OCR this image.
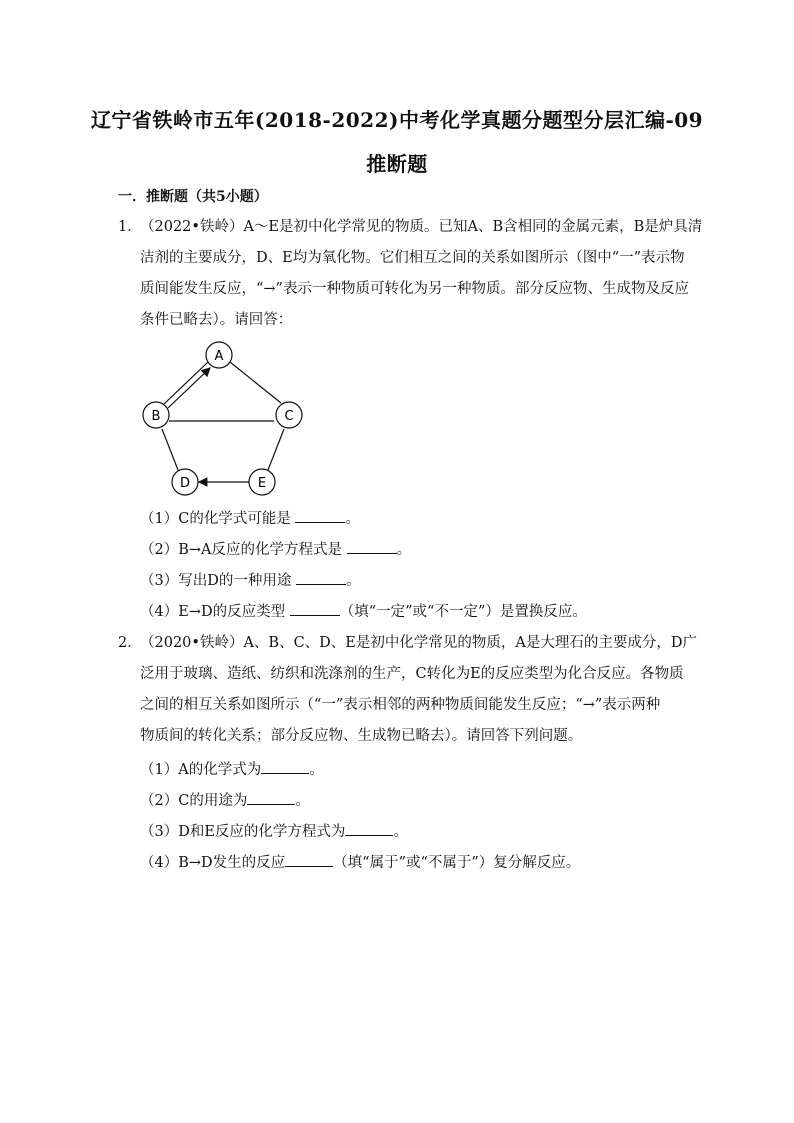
辽宁省铁岭市五年(2018-2022)中考化学真题分题型分层汇编-09
推断题
一．推断题（共5小题）
1．
（2022•铁岭）A～E是初中化学常见的物质。已知A、B含相同的金属元素，B是炉具清
洁剂的主要成分，D、E均为氧化物。它们相互之间的关系如图所示（图中“一”表示物
质间能发生反应，“→”表示一种物质可转化为另一种物质。部分反应物、生成物及反应
条件已略去）。请回答：
A
B	C
D	E
（1）C的化学式可能是	。
（2）B→A反应的化学方程式是	。
（3）写出D的一种用途	。
（4）E→D的反应类型	（填“一定”或“不一定”）是置换反应。
2．
（2020•铁岭）A、B、C、D、E是初中化学常见的物质，A是大理石的主要成分，D广
泛用于玻璃、造纸、纺织和洗涤剂的生产，C转化为E的反应类型为化合反应。各物质
之间的相互关系如图所示（“一”表示相邻的两种物质间能发生反应；“→”表示两种
物质间的转化关系；部分反应物、生成物已略去）。请回答下列问题。
（1）A的化学式为	。
（2）C的用途为	。
（3）D和E反应的化学方程式为	。
（4）B→D发生的反应	（填“属于”或“不属于”）复分解反应。
